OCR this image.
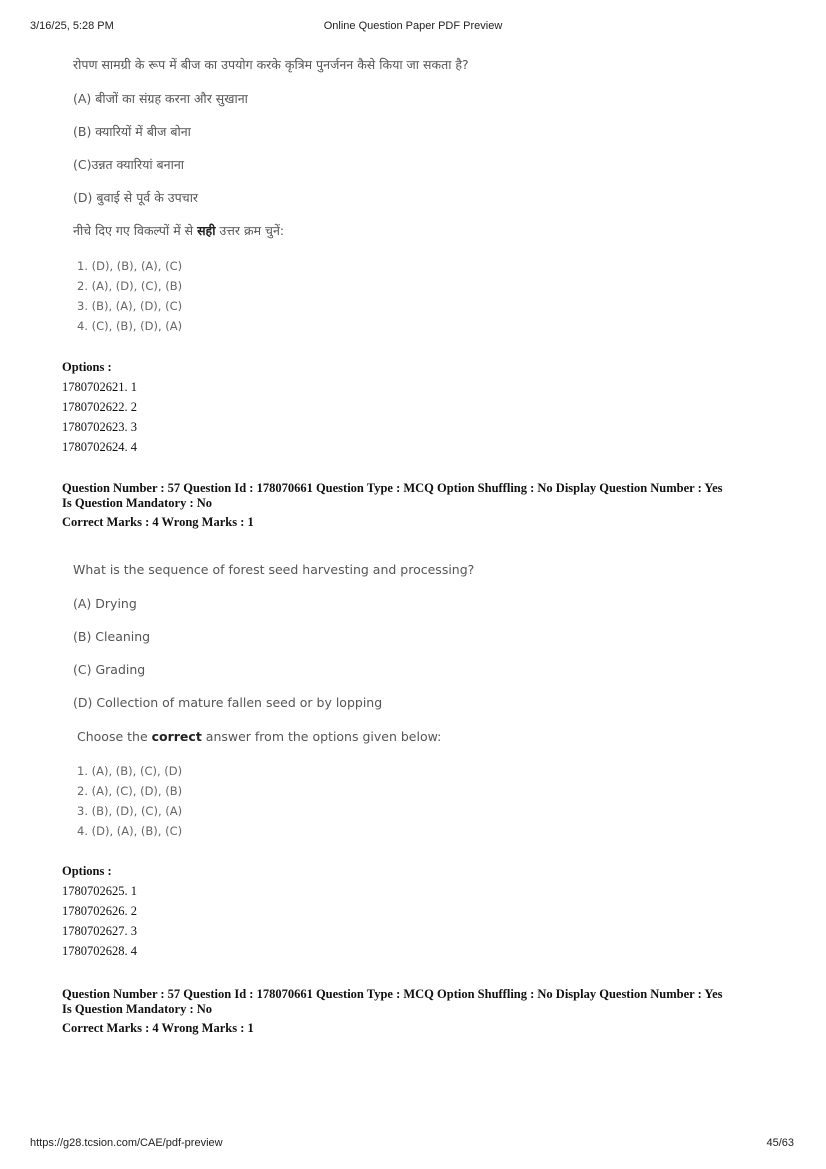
3/16/25, 5:28 PM	Online Question Paper PDF Preview
रोपण सामग्री के रूप में बीज का उपयोग करके कृत्रिम पुनर्जनन कैसे किया जा सकता है?
(A) बीजों का संग्रह करना और सुखाना
(B) क्यारियों में बीज बोना
(C)उन्नत क्यारियां बनाना
(D) बुवाई से पूर्व के उपचार
नीचे दिए गए विकल्पों में से सही उत्तर क्रम चुनें:
1. (D), (B), (A), (C)
2. (A), (D), (C), (B)
3. (B), (A), (D), (C)
4. (C), (B), (D), (A)
Options :
1780702621. 1
1780702622. 2
1780702623. 3
1780702624. 4
Question Number : 57 Question Id : 178070661 Question Type : MCQ Option Shuffling : No Display Question Number : Yes
Is Question Mandatory : No
Correct Marks : 4 Wrong Marks : 1
What is the sequence of forest seed harvesting and processing?
(A) Drying
(B) Cleaning
(C) Grading
(D) Collection of mature fallen seed or by lopping
Choose the correct answer from the options given below:
1. (A), (B), (C), (D)
2. (A), (C), (D), (B)
3. (B), (D), (C), (A)
4. (D), (A), (B), (C)
Options :
1780702625. 1
1780702626. 2
1780702627. 3
1780702628. 4
Question Number : 57 Question Id : 178070661 Question Type : MCQ Option Shuffling : No Display Question Number : Yes
Is Question Mandatory : No
Correct Marks : 4 Wrong Marks : 1
https://g28.tcsion.com/CAE/pdf-preview	45/63
